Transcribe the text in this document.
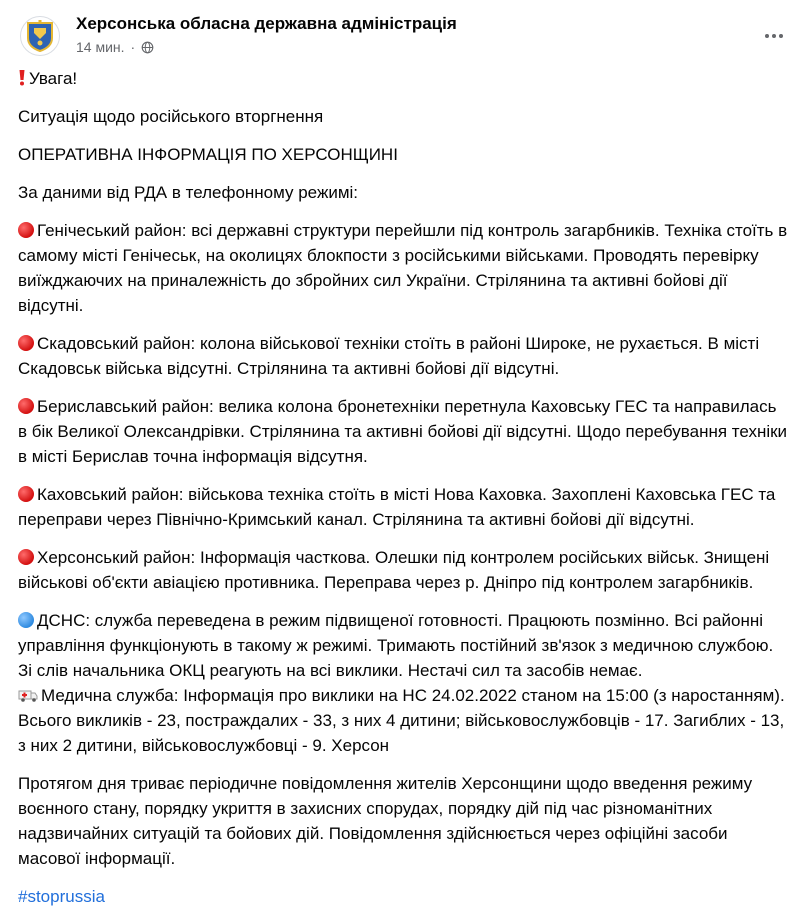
Херсонська обласна державна адміністрація
14 мин. ·

Увага!

Ситуація щодо російського вторгнення

ОПЕРАТИВНА ІНФОРМАЦІЯ ПО ХЕРСОНЩИНІ

За даними від РДА в телефонному режимі:

Генічеський район: всі державні структури перейшли під контроль загарбників. Техніка стоїть в самому місті Генічеськ, на околицях блокпости з російськими військами. Проводять перевірку виїжджаючих на приналежність до збройних сил України. Стрілянина та активні бойові дії відсутні.

Скадовський район: колона військової техніки стоїть в районі Широке, не рухається. В місті Скадовськ війська відсутні. Стрілянина та активні бойові дії відсутні.

Бериславський район: велика колона бронетехніки перетнула Каховську ГЕС та направилась в бік Великої Олександрівки. Стрілянина та активні бойові дії відсутні. Щодо перебування техніки в місті Берислав точна інформація відсутня.

Каховський район: військова техніка стоїть в місті Нова Каховка. Захоплені Каховська ГЕС та переправи через Північно-Кримський канал. Стрілянина та активні бойові дії відсутні.

Херсонський район: Інформація часткова. Олешки під контролем російських військ. Знищені військові об'єкти авіацією противника. Переправа через р. Дніпро під контролем загарбників.

ДСНС: служба переведена в режим підвищеної готовності. Працюють позмінно. Всі районні управління функціонують в такому ж режимі. Тримають постійний зв'язок з медичною службою. Зі слів начальника ОКЦ реагують на всі виклики. Нестачі сил та засобів немає.

Медична служба: Інформація про виклики на НС 24.02.2022 станом на 15:00 (з наростанням). Всього викликів - 23, постраждалих - 33, з них 4 дитини; військовослужбовців - 17. Загиблих - 13, з них 2 дитини, військовослужбовці - 9. Херсон

Протягом дня триває періодичне повідомлення жителів Херсонщини щодо введення режиму воєнного стану, порядку укриття в захисних спорудах, порядку дій під час різноманітних надзвичайних ситуацій та бойових дій. Повідомлення здійснюється через офіційні засоби масової інформації.

#stoprussia
